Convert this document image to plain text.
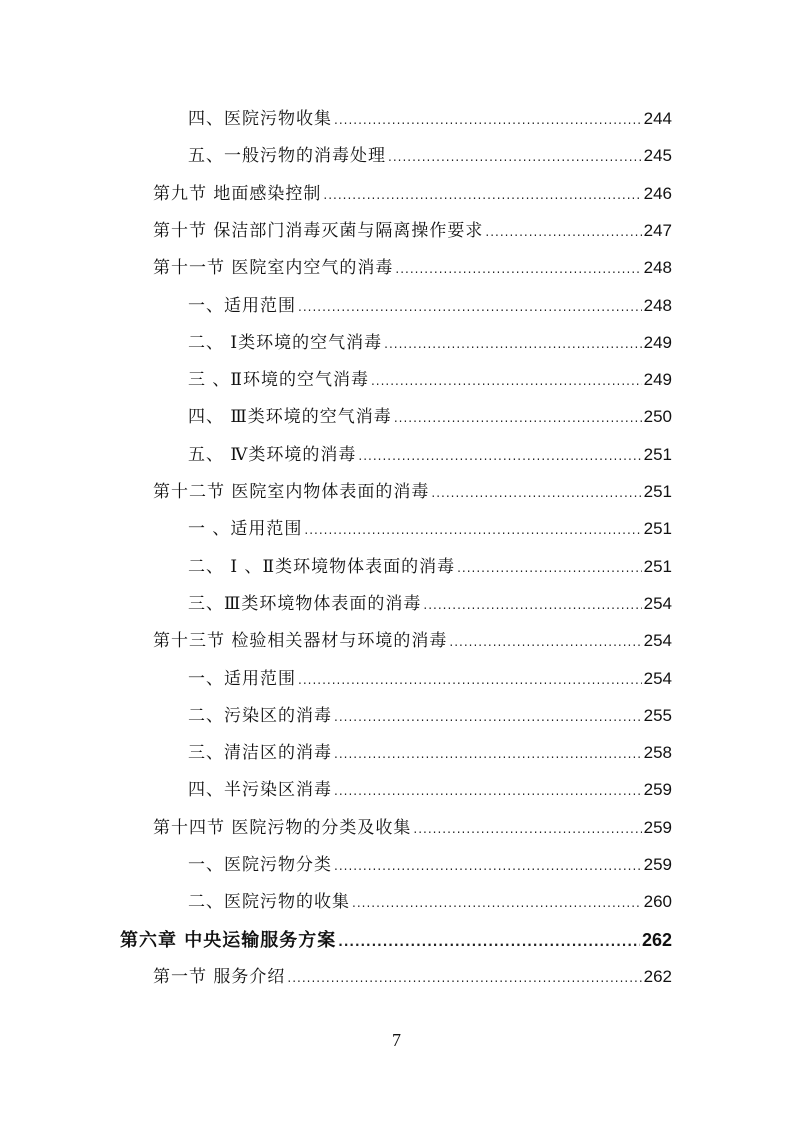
四、医院污物收集 .....	244
五、一般污物的消毒处理 .....	245
第九节 地面感染控制 .....	246
第十节 保洁部门消毒灭菌与隔离操作要求 .....	247
第十一节 医院室内空气的消毒 .....	248
一、适用范围 .....	248
二、 Ⅰ类环境的空气消毒 .....	249
三 、Ⅱ环境的空气消毒 .....	249
四、 Ⅲ类环境的空气消毒 .....	250
五、 Ⅳ类环境的消毒 .....	251
第十二节 医院室内物体表面的消毒 .....	251
一 、适用范围 .....	251
二、 Ⅰ 、Ⅱ类环境物体表面的消毒 .....	251
三、Ⅲ类环境物体表面的消毒 .....	254
第十三节 检验相关器材与环境的消毒 .....	254
一、适用范围 .....	254
二、污染区的消毒 .....	255
三、清洁区的消毒 .....	258
四、半污染区消毒 .....	259
第十四节 医院污物的分类及收集 .....	259
一、医院污物分类 .....	259
二、医院污物的收集 .....	260
第六章 中央运输服务方案 .....	262
第一节 服务介绍 .....	262
7
